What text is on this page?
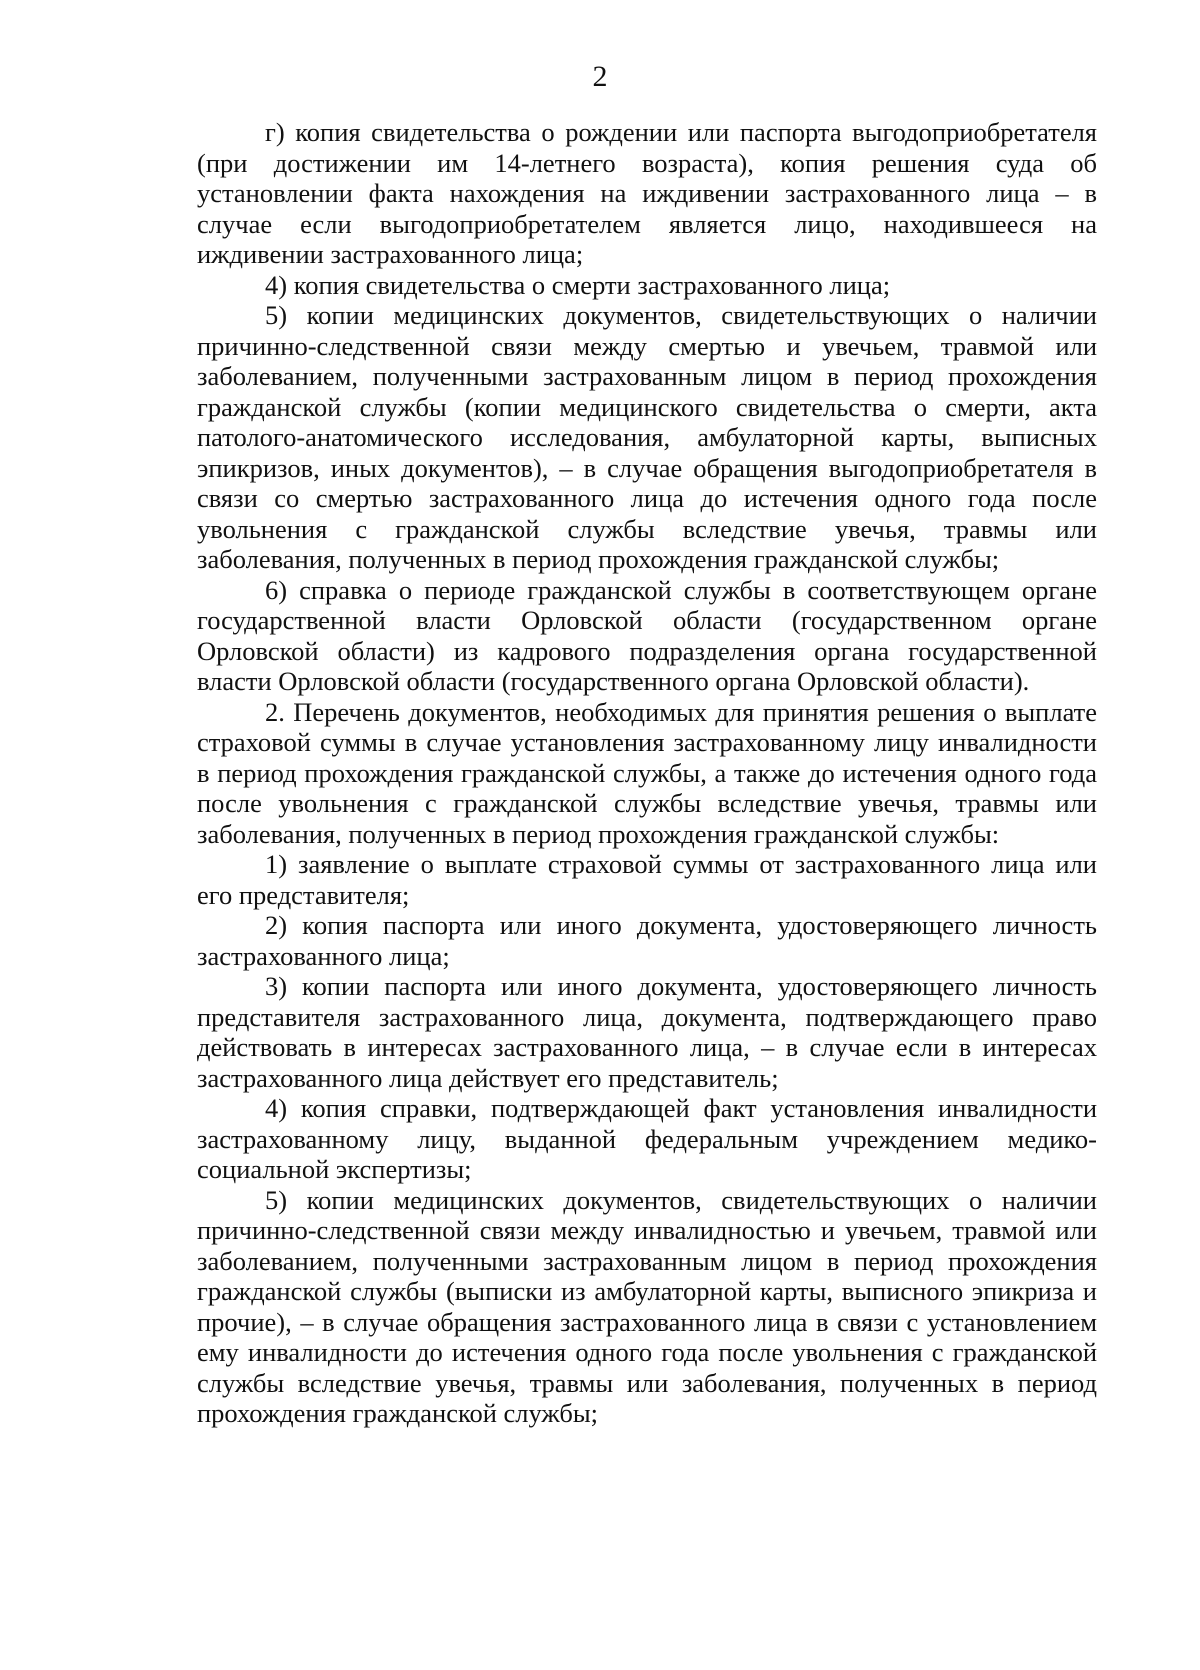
2

г) копия свидетельства о рождении или паспорта выгодоприобретателя (при достижении им 14-летнего возраста), копия решения суда об установлении факта нахождения на иждивении застрахованного лица – в случае если выгодоприобретателем является лицо, находившееся на иждивении застрахованного лица;

4) копия свидетельства о смерти застрахованного лица;

5) копии медицинских документов, свидетельствующих о наличии причинно-следственной связи между смертью и увечьем, травмой или заболеванием, полученными застрахованным лицом в период прохождения гражданской службы (копии медицинского свидетельства о смерти, акта патолого-анатомического исследования, амбулаторной карты, выписных эпикризов, иных документов), – в случае обращения выгодоприобретателя в связи со смертью застрахованного лица до истечения одного года после увольнения с гражданской службы вследствие увечья, травмы или заболевания, полученных в период прохождения гражданской службы;

6) справка о периоде гражданской службы в соответствующем органе государственной власти Орловской области (государственном органе Орловской области) из кадрового подразделения органа государственной власти Орловской области (государственного органа Орловской области).

2. Перечень документов, необходимых для принятия решения о выплате страховой суммы в случае установления застрахованному лицу инвалидности в период прохождения гражданской службы, а также до истечения одного года после увольнения с гражданской службы вследствие увечья, травмы или заболевания, полученных в период прохождения гражданской службы:

1) заявление о выплате страховой суммы от застрахованного лица или его представителя;

2) копия паспорта или иного документа, удостоверяющего личность застрахованного лица;

3) копии паспорта или иного документа, удостоверяющего личность представителя застрахованного лица, документа, подтверждающего право действовать в интересах застрахованного лица, – в случае если в интересах застрахованного лица действует его представитель;

4) копия справки, подтверждающей факт установления инвалидности застрахованному лицу, выданной федеральным учреждением медико-социальной экспертизы;

5) копии медицинских документов, свидетельствующих о наличии причинно-следственной связи между инвалидностью и увечьем, травмой или заболеванием, полученными застрахованным лицом в период прохождения гражданской службы (выписки из амбулаторной карты, выписного эпикриза и прочие), – в случае обращения застрахованного лица в связи с установлением ему инвалидности до истечения одного года после увольнения с гражданской службы вследствие увечья, травмы или заболевания, полученных в период прохождения гражданской службы;
